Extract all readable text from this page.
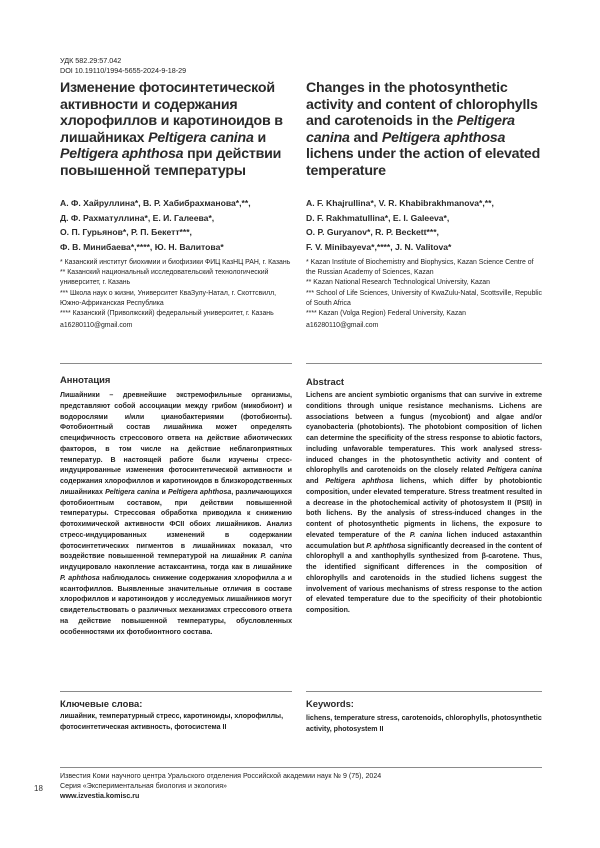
УДК 582.29:57.042
DOI 10.19110/1994-5655-2024-9-18-29
Изменение фотосинтетической активности и содержания хлорофиллов и каротиноидов в лишайниках Peltigera canina и Peltigera aphthosa при действии повышенной температуры
Changes in the photosynthetic activity and content of chlorophylls and carotenoids in the Peltigera canina and Peltigera aphthosa lichens under the action of elevated temperature
А. Ф. Хайруллина*, В. Р. Хабибрахманова*,**,
Д. Ф. Рахматуллина*, Е. И. Галеева*,
О. П. Гурьянов*, Р. П. Бекетт***,
Ф. В. Минибаева*,****, Ю. Н. Валитова*
A. F. Khajrullina*, V. R. Khabibrakhmanova*,**,
D. F. Rakhmatullina*, E. I. Galeeva*,
O. P. Guryanov*, R. P. Beckett***,
F. V. Minibayeva*,****, J. N. Valitova*
* Казанский институт биохимии и биофизики ФИЦ КазНЦ РАН, г. Казань
** Казанский национальный исследовательский технологический университет, г. Казань
*** Школа наук о жизни, Университет КваЗулу-Натал, г. Скоттсвилл, Южно-Африканская Республика
**** Казанский (Приволжский) федеральный университет, г. Казань
a16280110@gmail.com
* Kazan Institute of Biochemistry and Biophysics, Kazan Science Centre of the Russian Academy of Sciences, Kazan
** Kazan National Research Technological University, Kazan
*** School of Life Sciences, University of KwaZulu-Natal, Scottsville, Republic of South Africa
**** Kazan (Volga Region) Federal University, Kazan
a16280110@gmail.com
Аннотация	Abstract
Лишайники – древнейшие экстремофильные организмы, представляют собой ассоциации между грибом (микобионт) и водорослями и/или цианобактериями (фотобионты). Фотобионтный состав лишайника может определять специфичность стрессового ответа на действие абиотических факторов, в том числе на действие неблагоприятных температур. В настоящей работе были изучены стресс-индуцированные изменения фотосинтетической активности и содержания хлорофиллов и каротиноидов в близкородственных лишайниках Peltigera canina и Peltigera aphthosa, различающихся фотобионтным составом, при действии повышенной температуры. Стрессовая обработка приводила к снижению фотохимической активности ФСII обоих лишайников. Анализ стресс-индуцированных изменений в содержании фотосинтетических пигментов в лишайниках показал, что воздействие повышенной температурой на лишайник P. canina индуцировало накопление астаксантина, тогда как в лишайнике P. aphthosa наблюдалось снижение содержания хлорофилла a и ксантофиллов. Выявленные значительные отличия в составе хлорофиллов и каротиноидов у исследуемых лишайников могут свидетельствовать о различных механизмах стрессового ответа на действие повышенной температуры, обусловленных особенностями их фотобионтного состава.
Lichens are ancient symbiotic organisms that can survive in extreme conditions through unique resistance mechanisms. Lichens are associations between a fungus (mycobiont) and algae and/or cyanobacteria (photobionts). The photobiont composition of lichen can determine the specificity of the stress response to abiotic factors, including unfavorable temperatures. This work analysed stress-induced changes in the photosynthetic activity and content of chlorophylls and carotenoids on the closely related Peltigera canina and Peltigera aphthosa lichens, which differ by photobiontic composition, under elevated temperature. Stress treatment resulted in a decrease in the photochemical activity of photosystem II (PSII) in both lichens. By the analysis of stress-induced changes in the content of photosynthetic pigments in lichens, the exposure to elevated temperature of the P. canina lichen induced astaxanthin accumulation but P. aphthosa significantly decreased in the content of chlorophyll a and xanthophylls synthesized from β-carotene. Thus, the identified significant differences in the composition of chlorophylls and carotenoids in the studied lichens suggest the involvement of various mechanisms of stress response to the action of elevated temperature due to the specificity of their photobiontic composition.
Ключевые слова:
лишайник, температурный стресс, каротиноиды, хлорофиллы, фотосинтетическая активность, фотосистема II
Keywords:
lichens, temperature stress, carotenoids, chlorophylls, photosynthetic activity, photosystem II
18
Известия Коми научного центра Уральского отделения Российской академии наук № 9 (75), 2024
Серия «Экспериментальная биология и экология»
www.izvestia.komisc.ru
